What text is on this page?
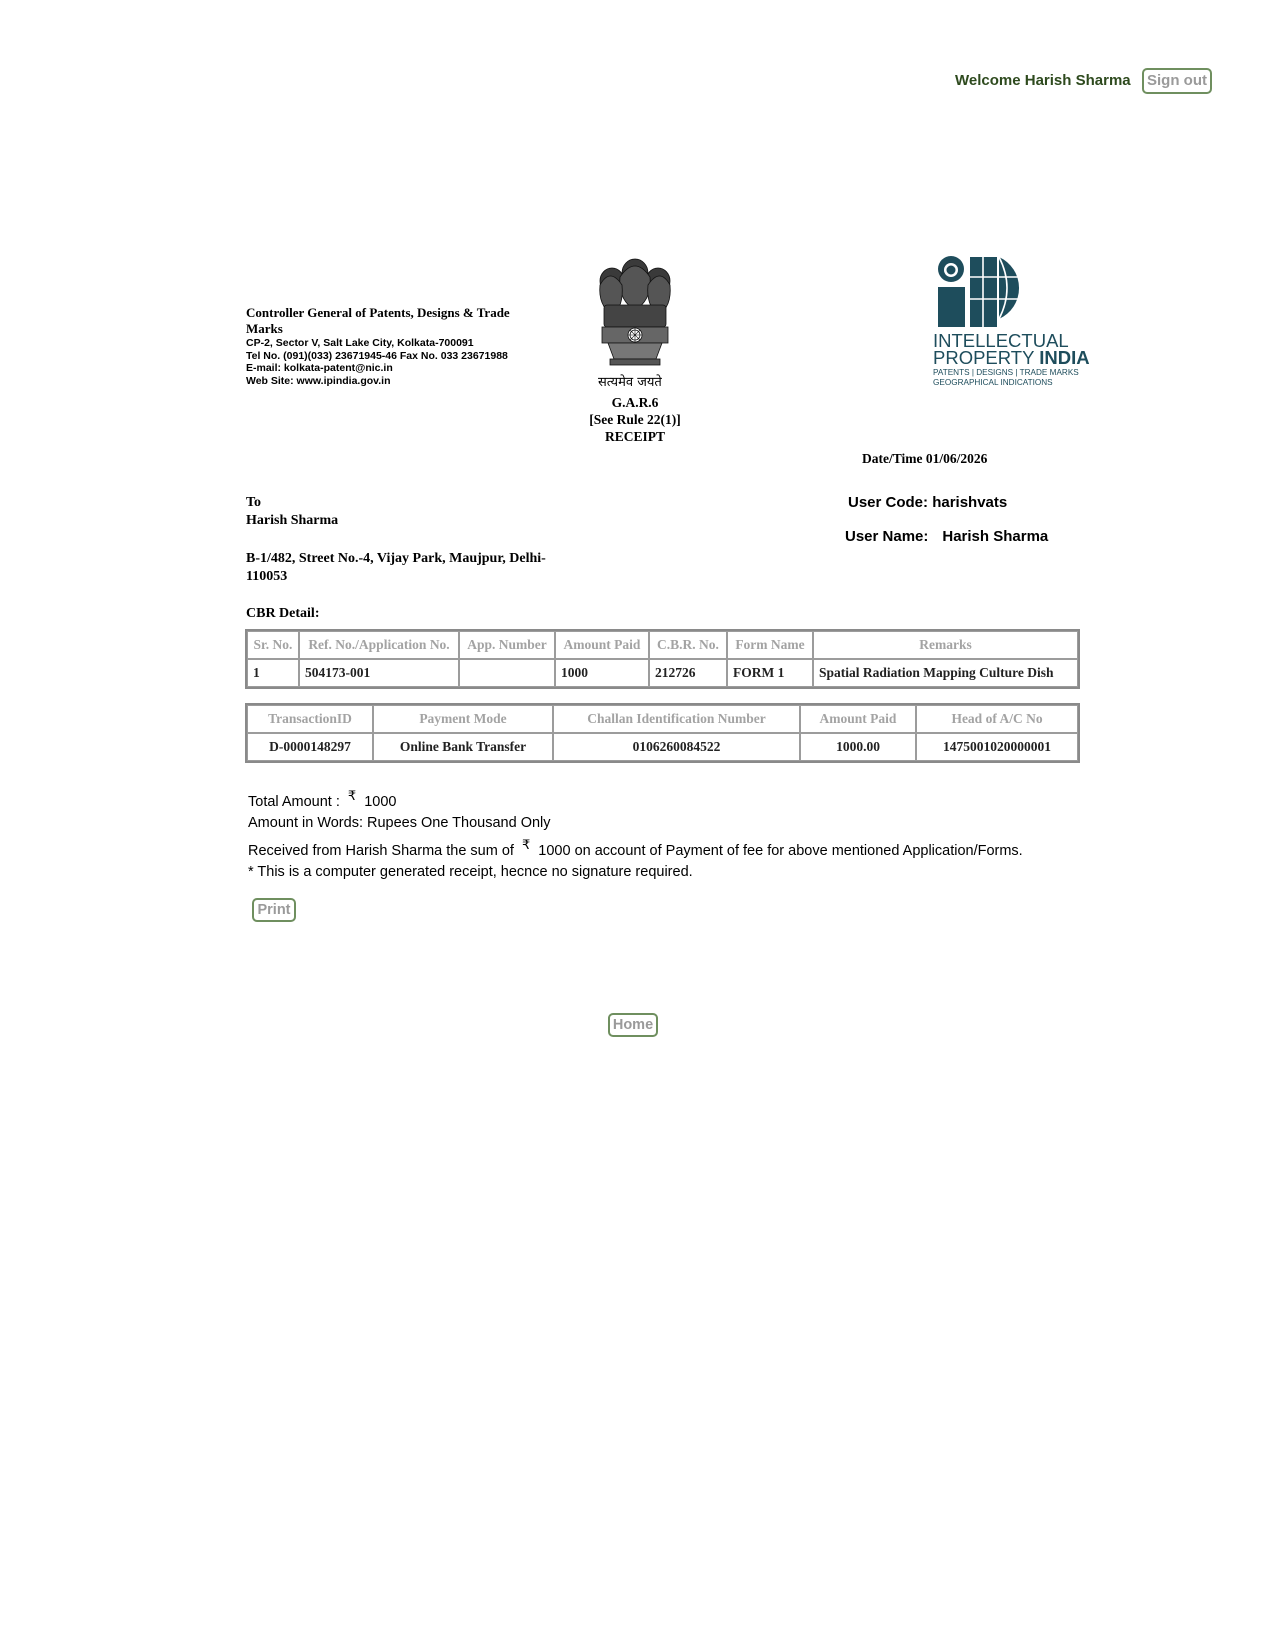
Welcome Harish Sharma	Sign out
Controller General of Patents, Designs & Trade Marks
CP-2, Sector V, Salt Lake City, Kolkata-700091
Tel No. (091)(033) 23671945-46 Fax No. 033 23671988
E-mail: kolkata-patent@nic.in
Web Site: www.ipindia.gov.in	सत्यमेव जयते
G.A.R.6
[See Rule 22(1)]
RECEIPT
INTELLECTUAL
PROPERTY INDIA
PATENTS | DESIGNS | TRADE MARKS
GEOGRAPHICAL INDICATIONS
Date/Time 01/06/2026
To
Harish Sharma
B-1/482, Street No.-4, Vijay Park, Maujpur, Delhi-110053
User Code: harishvats
User Name: Harish Sharma
CBR Detail:
Sr. No.	Ref. No./Application No.	App. Number	Amount Paid	C.B.R. No.	Form Name	Remarks
1	504173-001		1000	212726	FORM 1	Spatial Radiation Mapping Culture Dish
TransactionID	Payment Mode	Challan Identification Number	Amount Paid	Head of A/C No
D-0000148297	Online Bank Transfer	0106260084522	1000.00	1475001020000001
Total Amount : ₹ 1000
Amount in Words: Rupees One Thousand Only
Received from Harish Sharma the sum of ₹ 1000 on account of Payment of fee for above mentioned Application/Forms.
* This is a computer generated receipt, hecnce no signature required.
Print
Home
